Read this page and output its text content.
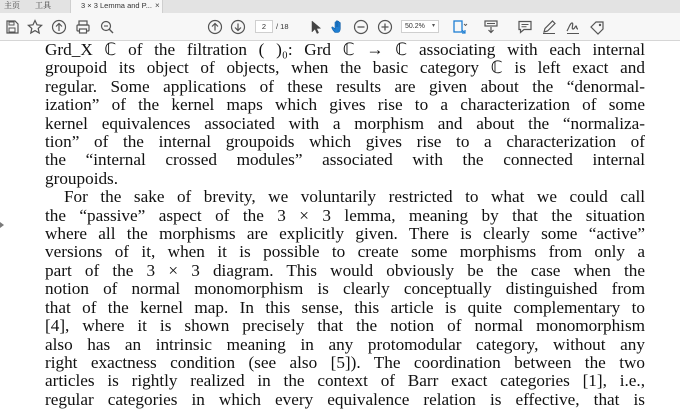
主页 工具	3 × 3 Lemma and P... ×
2	/ 18	50.2% ▾
Grd_X ℂ of the filtration ( )₀: Grd ℂ → ℂ associating with each internal
groupoid its object of objects, when the basic category ℂ is left exact and
regular. Some applications of these results are given about the “denormal-
ization” of the kernel maps which gives rise to a characterization of some
kernel equivalences associated with a morphism and about the “normaliza-
tion” of the internal groupoids which gives rise to a characterization of
the “internal crossed modules” associated with the connected internal
groupoids.
For the sake of brevity, we voluntarily restricted to what we could call
the “passive” aspect of the 3 × 3 lemma, meaning by that the situation
where all the morphisms are explicitly given. There is clearly some “active”
versions of it, when it is possible to create some morphisms from only a
part of the 3 × 3 diagram. This would obviously be the case when the
notion of normal monomorphism is clearly conceptually distinguished from
that of the kernel map. In this sense, this article is quite complementary to
[4], where it is shown precisely that the notion of normal monomorphism
also has an intrinsic meaning in any protomodular category, without any
right exactness condition (see also [5]). The coordination between the two
articles is rightly realized in the context of Barr exact categories [1], i.e.,
regular categories in which every equivalence relation is effective, that is
